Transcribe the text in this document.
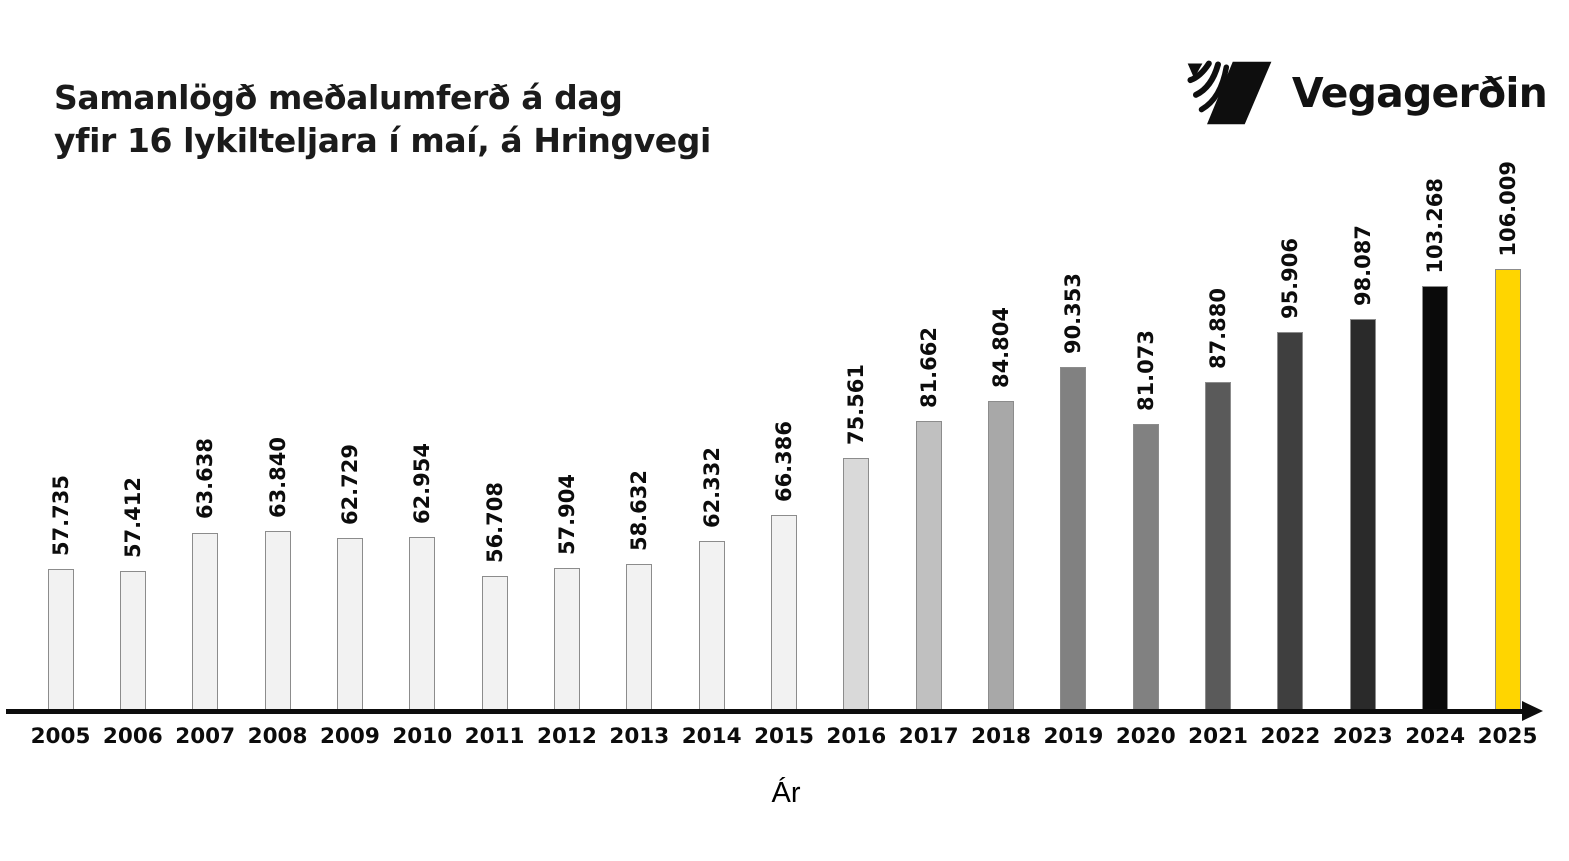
Samanlögð meðalumferð á dag
yfir 16 lykilteljara í maí, á Hringvegi
Vegagerðin
57.735 57.412 63.638 63.840 62.729 62.954 56.708 57.904 58.632 62.332 66.386
75.561 81.662 84.804 90.353
81.073
87.880
95.906 98.087 103.268 106.009
2005 2006 2007 2008 2009 2010 2011 2012 2013 2014 2015 2016 2017 2018 2019 2020 2021 2022 2023 2024 2025
Ár
